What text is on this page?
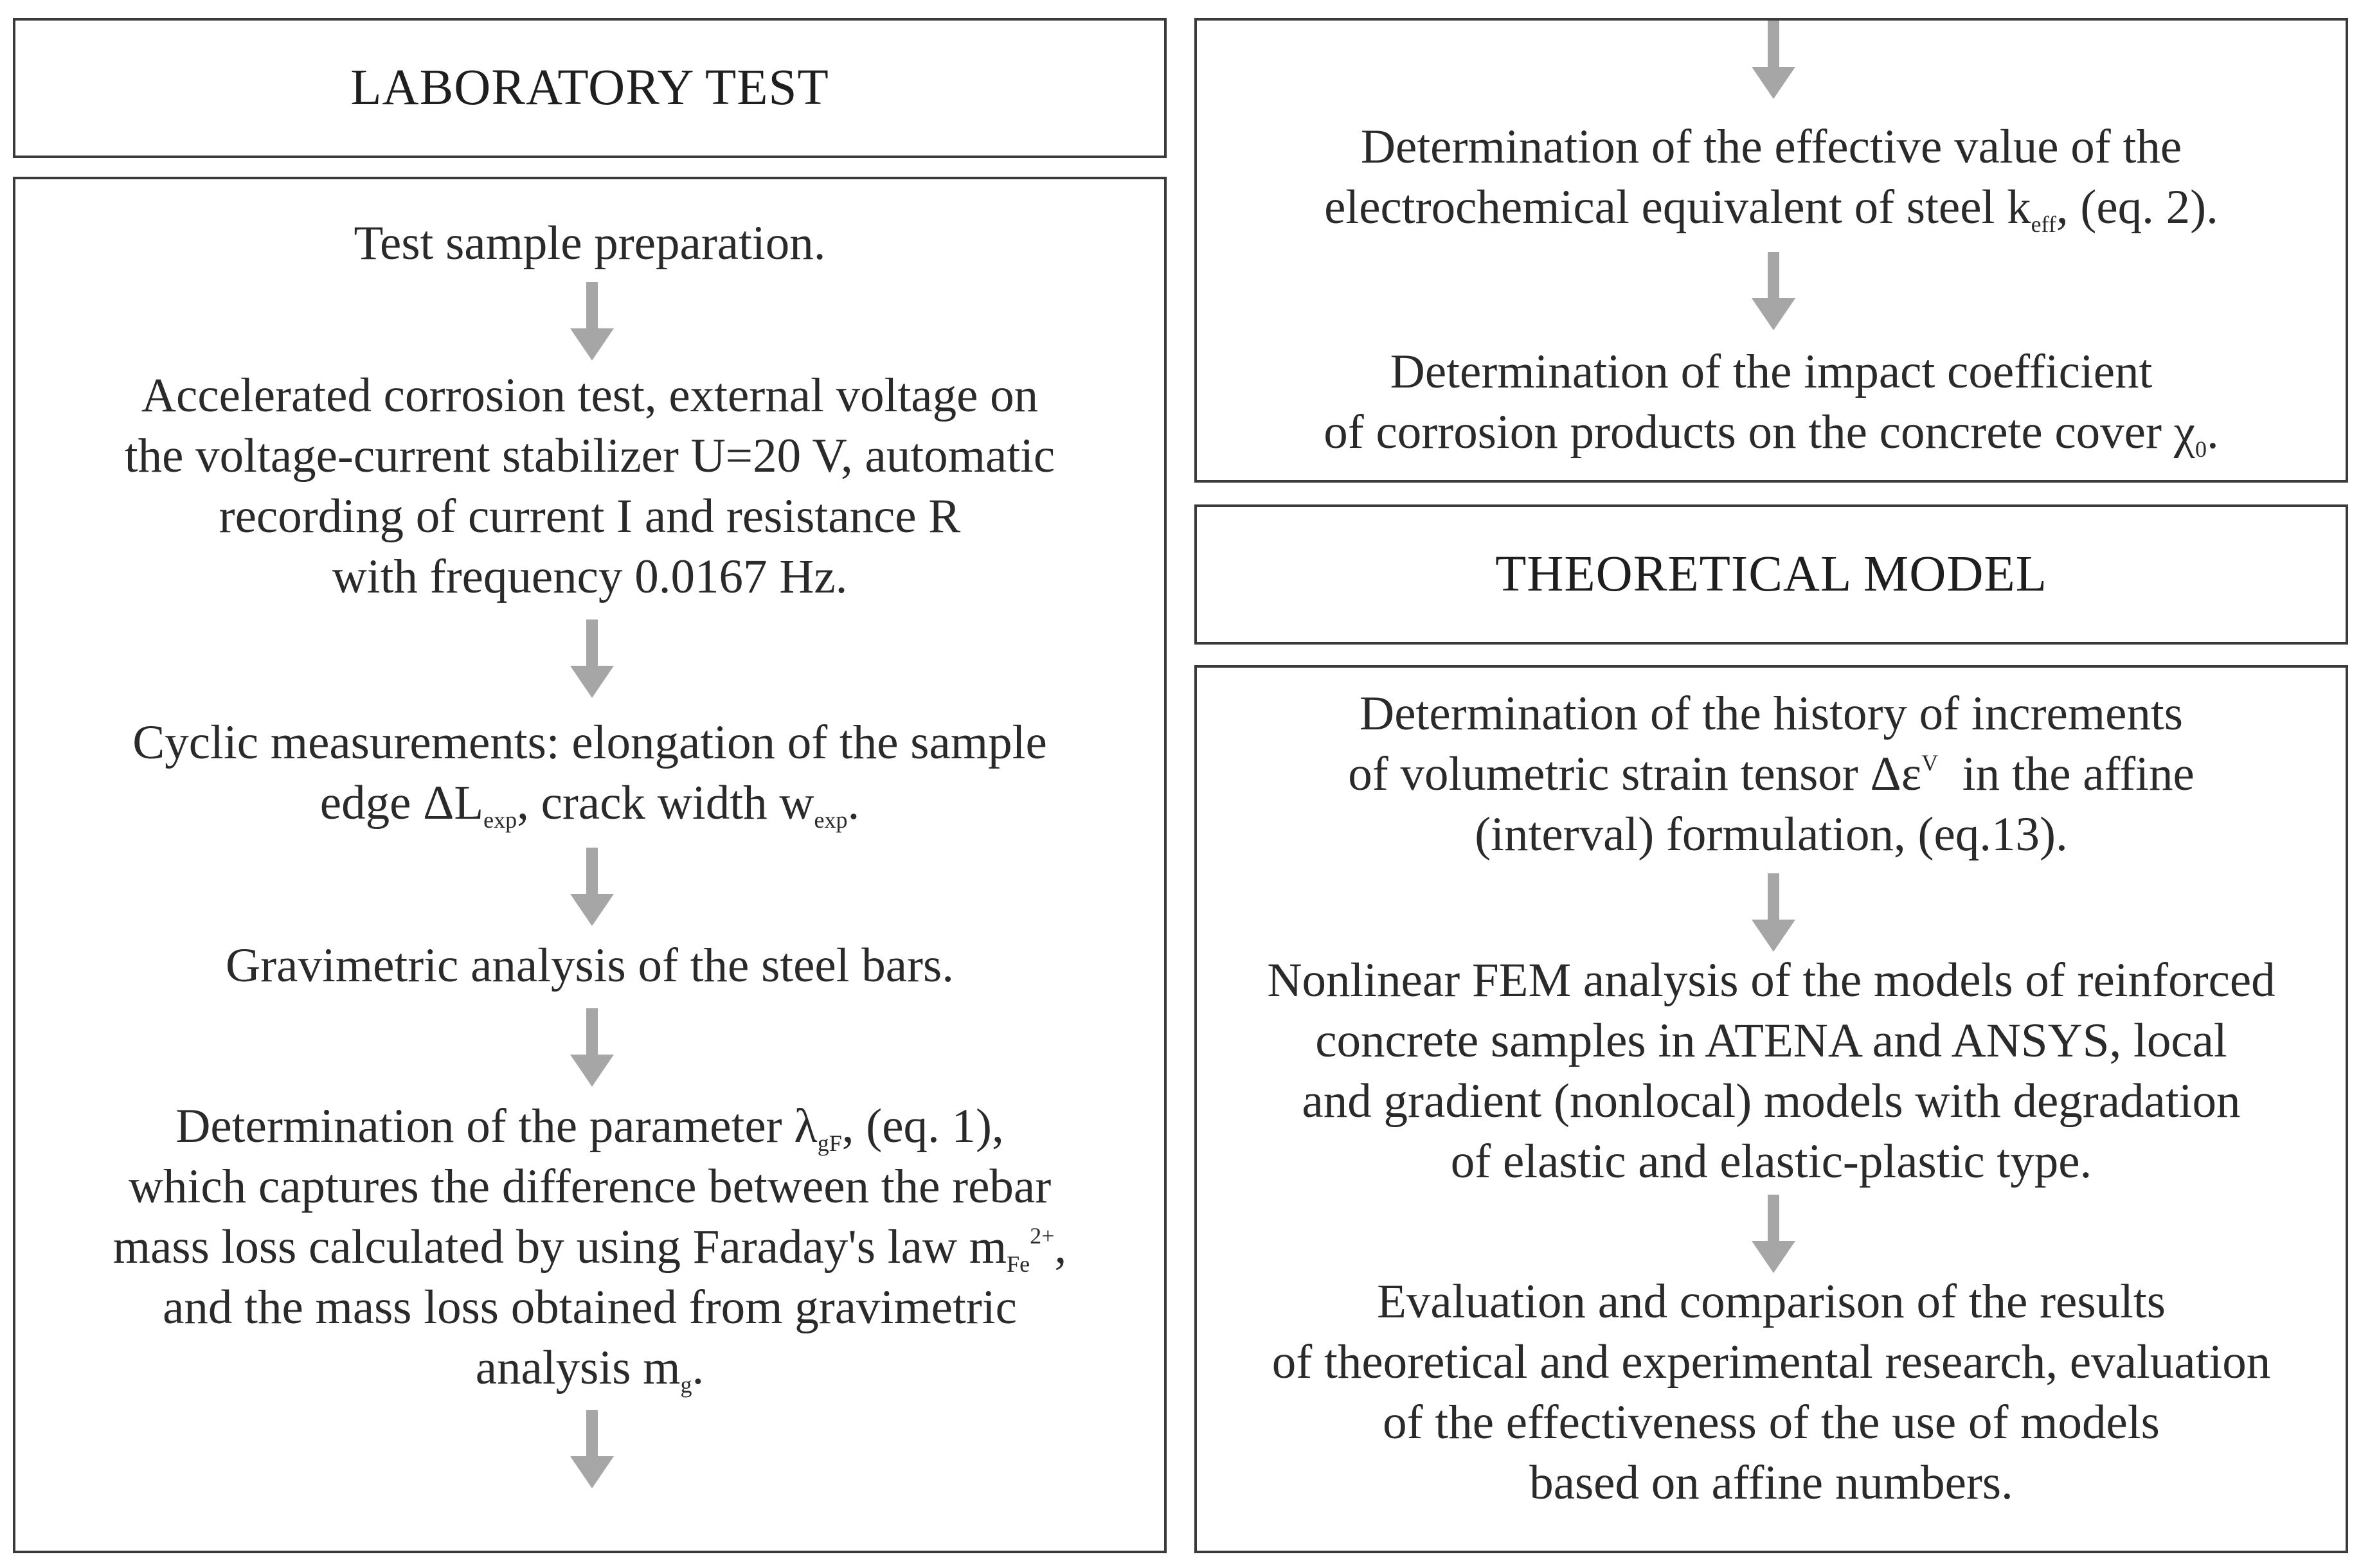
LABORATORY TEST
Test sample preparation.
Accelerated corrosion test, external voltage on
the voltage-current stabilizer U=20 V, automatic
recording of current I and resistance R
with frequency 0.0167 Hz.
Cyclic measurements: elongation of the sample
edge $\Delta L_{exp}$, crack width $w_{exp}$.
Gravimetric analysis of the steel bars.
Determination of the parameter $\lambda_{gF}$, (eq. 1),
which captures the difference between the rebar
mass loss calculated by using Faraday's law $m_{Fe}^{2+}$,
and the mass loss obtained from gravimetric
analysis $m_g$.
Determination of the effective value of the
electrochemical equivalent of steel $k_{eff}$, (eq. 2).
Determination of the impact coefficient
of corrosion products on the concrete cover $\chi_0$.
THEORETICAL MODEL
Determination of the history of increments
of volumetric strain tensor $\Delta\varepsilon^V$  in the affine
(interval) formulation, (eq.13).
Nonlinear FEM analysis of the models of reinforced
concrete samples in ATENA and ANSYS, local
and gradient (nonlocal) models with degradation
of elastic and elastic-plastic type.
Evaluation and comparison of the results
of theoretical and experimental research, evaluation
of the effectiveness of the use of models
based on affine numbers.
